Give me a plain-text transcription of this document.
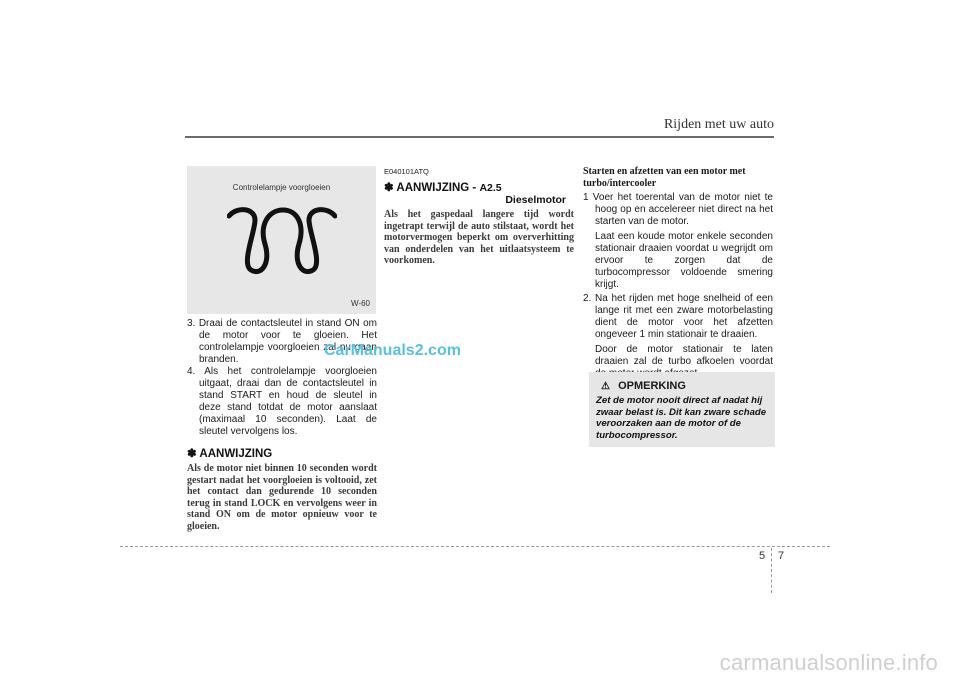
Rijden met uw auto
Controlelampje voorgloeien
W-60

3. Draai de contactsleutel in stand ON om de motor voor te gloeien. Het controlelampje voorgloeien zal nu gaan branden.

4. Als het controlelampje voorgloeien uitgaat, draai dan de contactsleutel in stand START en houd de sleutel in deze stand totdat de motor aanslaat (maximaal 10 seconden). Laat de sleutel vervolgens los.

✽ AANWIJZING

Als de motor niet binnen 10 seconden wordt gestart nadat het voorgloeien is voltooid, zet het contact dan gedurende 10 seconden terug in stand LOCK en vervolgens weer in stand ON om de motor opnieuw voor te gloeien.

E040101ATQ

✽ AANWIJZING - A2.5
Dieselmotor

Als het gaspedaal langere tijd wordt ingetrapt terwijl de auto stilstaat, wordt het motorvermogen beperkt om oververhitting van onderdelen van het uitlaatsysteem te voorkomen.

Starten en afzetten van een motor met turbo/intercooler

1 Voer het toerental van de motor niet te hoog op en accelereer niet direct na het starten van de motor.

Laat een koude motor enkele seconden stationair draaien voordat u wegrijdt om ervoor te zorgen dat de turbocompressor voldoende smering krijgt.

2. Na het rijden met hoge snelheid of een lange rit met een zware motorbelasting dient de motor voor het afzetten ongeveer 1 min stationair te draaien.

Door de motor stationair te laten draaien zal de turbo afkoelen voordat

⚠ OPMERKING
Zet de motor nooit direct af nadat hij zwaar belast is. Dit kan zware schade veroorzaken aan de motor of de turbocompressor.
CarManuals2.com
5 7
carmanualsonline.info
